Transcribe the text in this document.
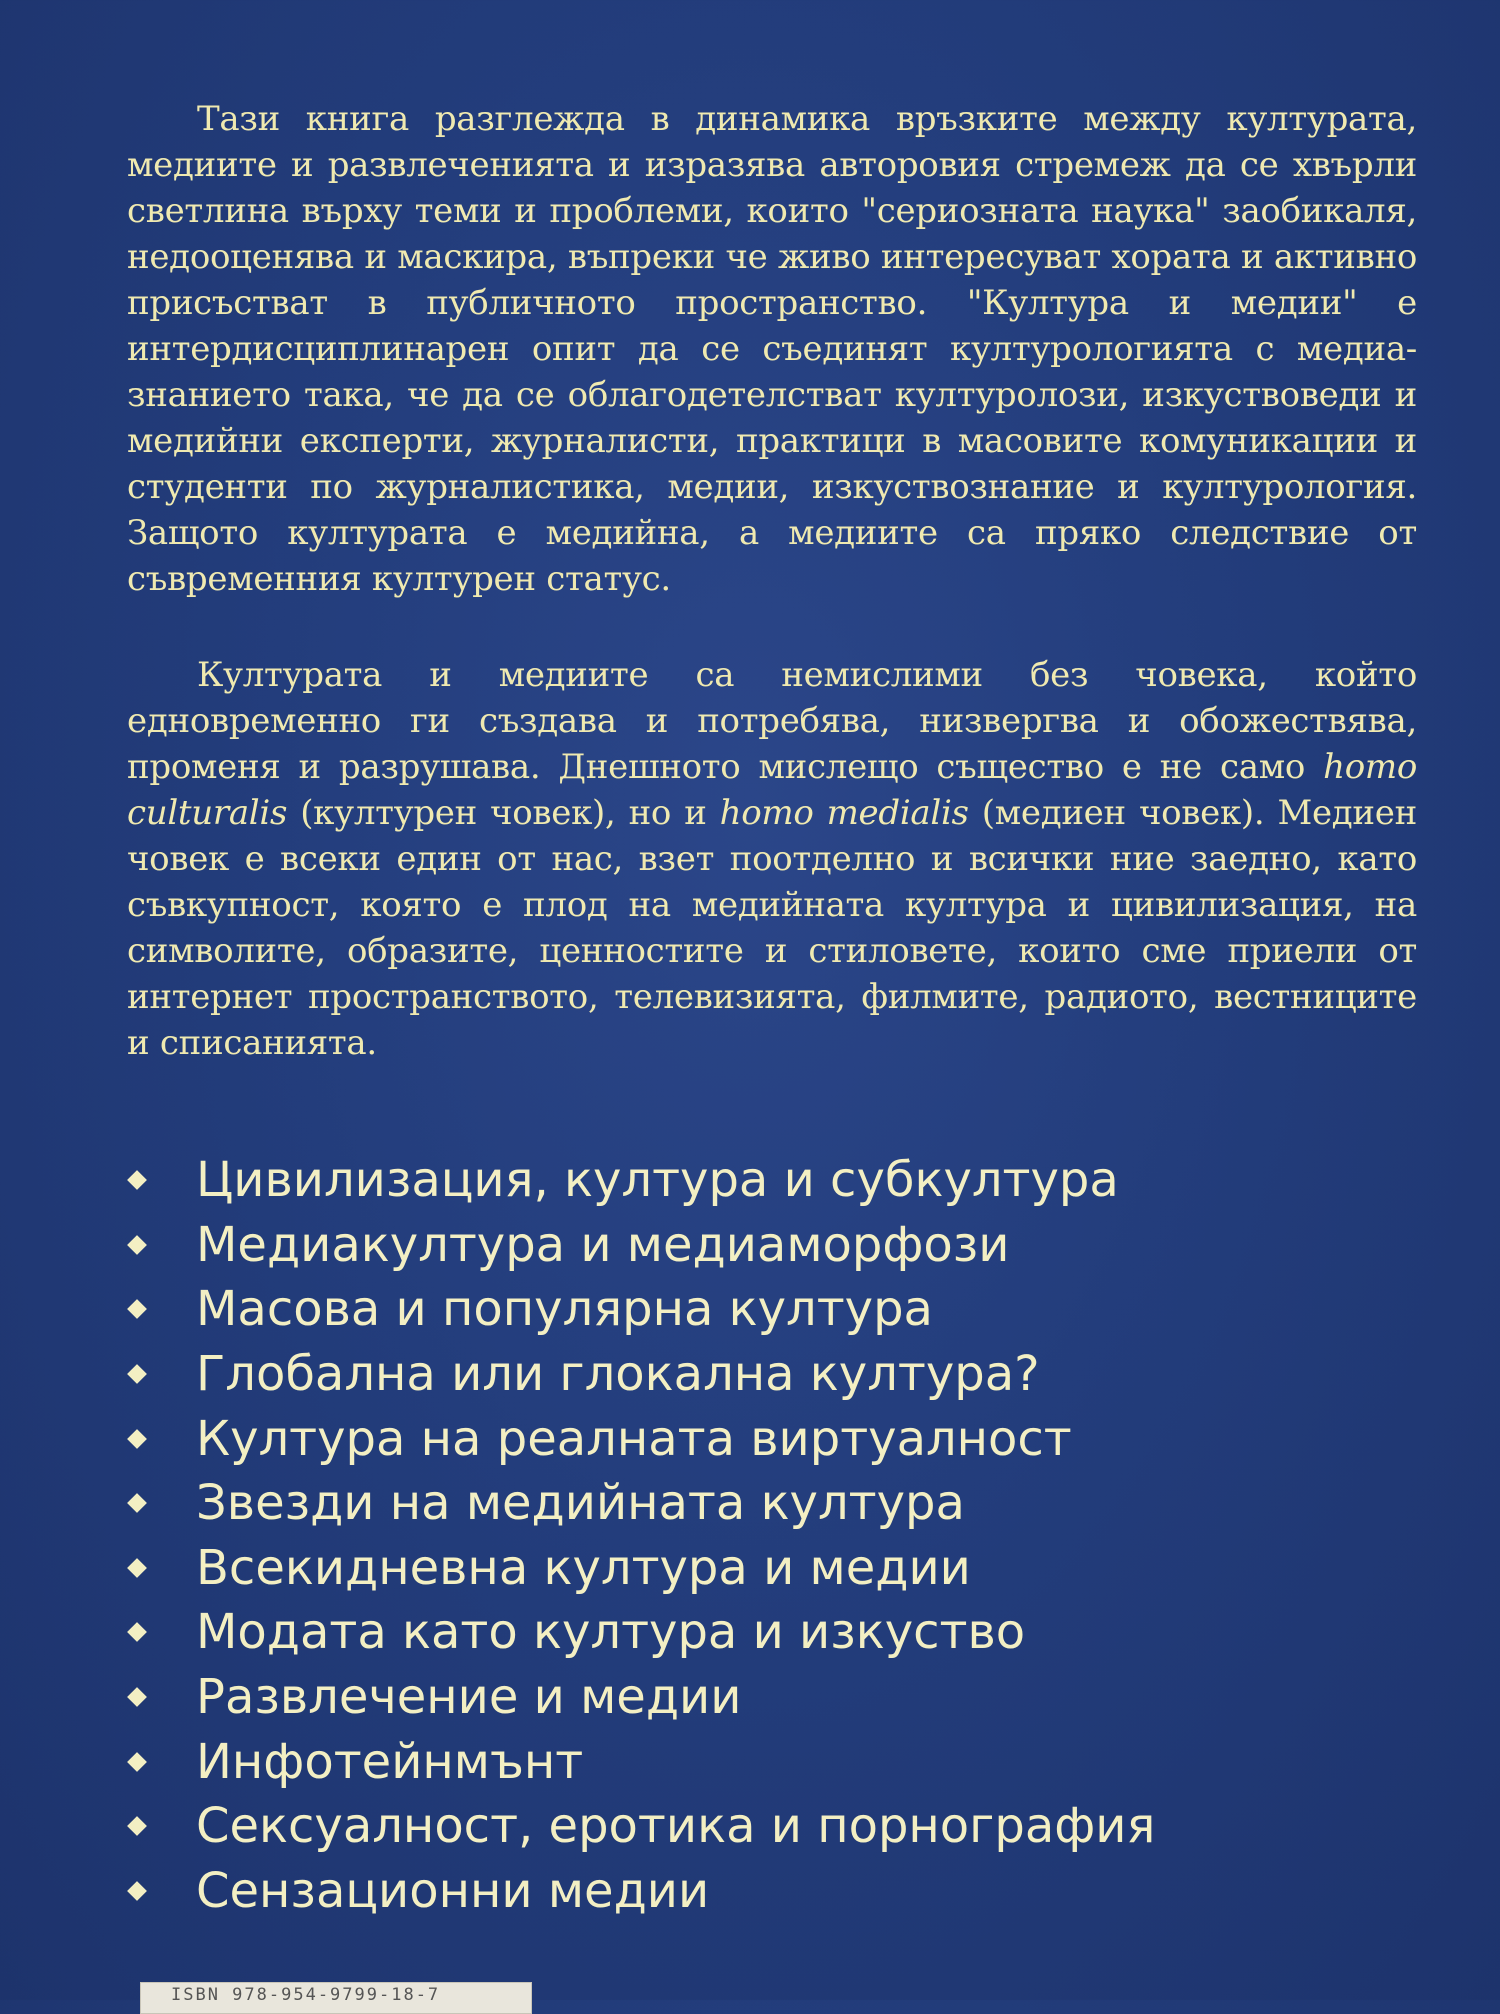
Тази книга разглежда в динамика връзките между културата, медиите и развлеченията и изразява авторовия стремеж да се хвърли светлина върху теми и проблеми, които "сериозната наука" заобикаля, недооценява и маскира, въпреки че живо интересуват хората и активно присъстват в публичното пространство. "Култура и медии" е интердисциплинарен опит да се съединят културологията с медиа-знанието така, че да се облагодетелстват културолози, изкуствоведи и медийни експерти, журналисти, практици в масовите комуникации и студенти по журналистика, медии, изкуствознание и културология. Защото културата е медийна, а медиите са пряко следствие от съвременния културен статус.

Културата и медиите са немислими без човека, който едновременно ги създава и потребява, низвергва и обожествява, променя и разрушава. Днешното мислещо същество е не само homo culturalis (културен човек), но и homo medialis (медиен човек). Медиен човек е всеки един от нас, взет поотделно и всички ние заедно, като съвкупност, която е плод на медийната култура и цивилизация, на символите, образите, ценностите и стиловете, които сме приели от интернет пространството, телевизията, филмите, радиото, вестниците и списанията.

Цивилизация, култура и субкултура
Медиакултура и медиаморфози
Масова и популярна култура
Глобална или глокална култура?
Култура на реалната виртуалност
Звезди на медийната култура
Всекидневна култура и медии
Модата като култура и изкуство
Развлечение и медии
Инфотейнмънт
Сексуалност, еротика и порнография
Сензационни медии
ISBN 978-954-9799-18-7
